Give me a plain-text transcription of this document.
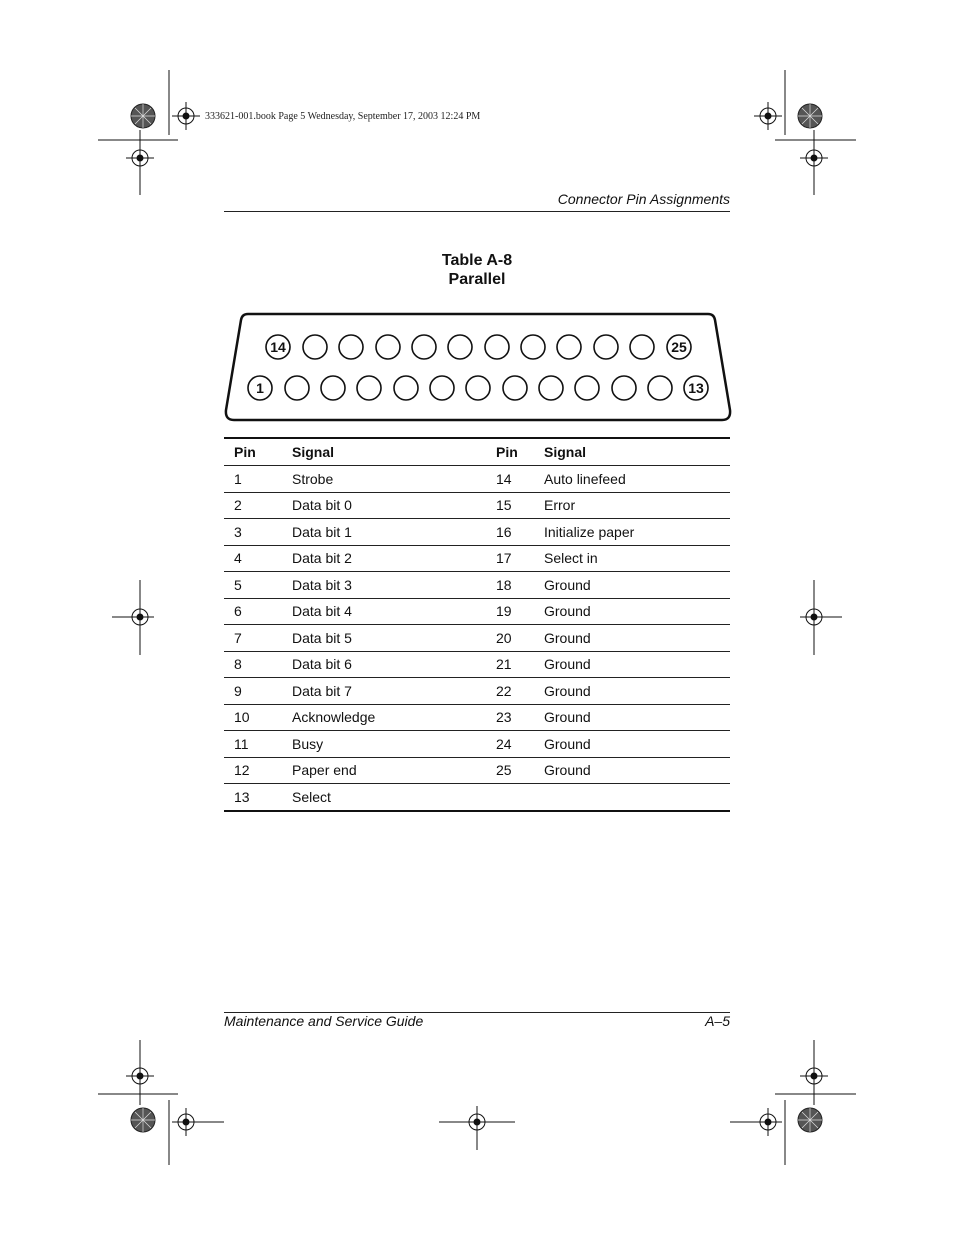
333621-001.book Page 5 Wednesday, September 17, 2003 12:24 PM
Connector Pin Assignments
Table A-8
Parallel
14	25
1	13
Pin	Signal	Pin	Signal
1	Strobe	14	Auto linefeed
2	Data bit 0	15	Error
3	Data bit 1	16	Initialize paper
4	Data bit 2	17	Select in
5	Data bit 3	18	Ground
6	Data bit 4	19	Ground
7	Data bit 5	20	Ground
8	Data bit 6	21	Ground
9	Data bit 7	22	Ground
10	Acknowledge	23	Ground
11	Busy	24	Ground
12	Paper end	25	Ground
13	Select		
Maintenance and Service Guide	A–5
